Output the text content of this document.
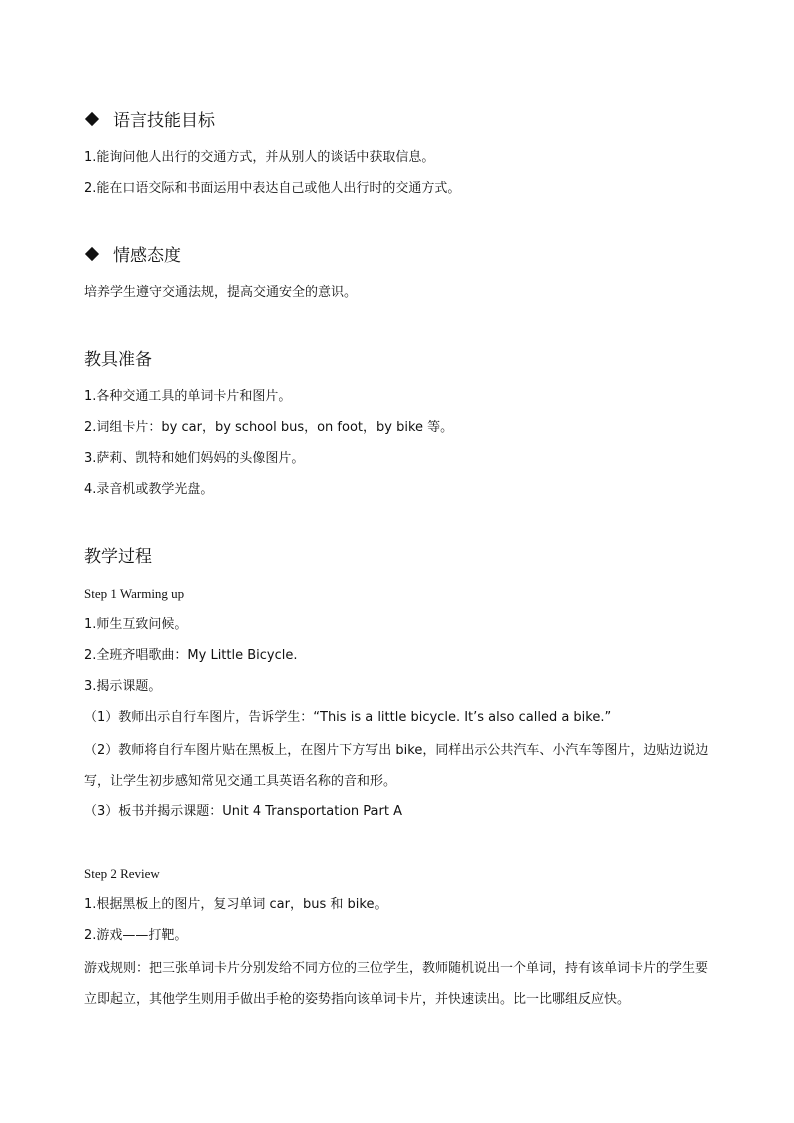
语言技能目标
1.能询问他人出行的交通方式，并从别人的谈话中获取信息。
2.能在口语交际和书面运用中表达自己或他人出行时的交通方式。
情感态度
培养学生遵守交通法规，提高交通安全的意识。
教具准备
1.各种交通工具的单词卡片和图片。
2.词组卡片：by car，by school bus，on foot，by bike 等。
3.萨莉、凯特和她们妈妈的头像图片。
4.录音机或教学光盘。
教学过程
Step 1 Warming up
1.师生互致问候。
2.全班齐唱歌曲：My Little Bicycle.
3.揭示课题。
（1）教师出示自行车图片，告诉学生：“This is a little bicycle. It’s also called a bike.”
（2）教师将自行车图片贴在黑板上，在图片下方写出 bike，同样出示公共汽车、小汽车等图片，边贴边说边写，让学生初步感知常见交通工具英语名称的音和形。
（3）板书并揭示课题：Unit 4 Transportation Part A
Step 2 Review
1.根据黑板上的图片，复习单词 car，bus 和 bike。
2.游戏——打靶。
游戏规则：把三张单词卡片分别发给不同方位的三位学生，教师随机说出一个单词，持有该单词卡片的学生要立即起立，其他学生则用手做出手枪的姿势指向该单词卡片，并快速读出。比一比哪组反应快。
